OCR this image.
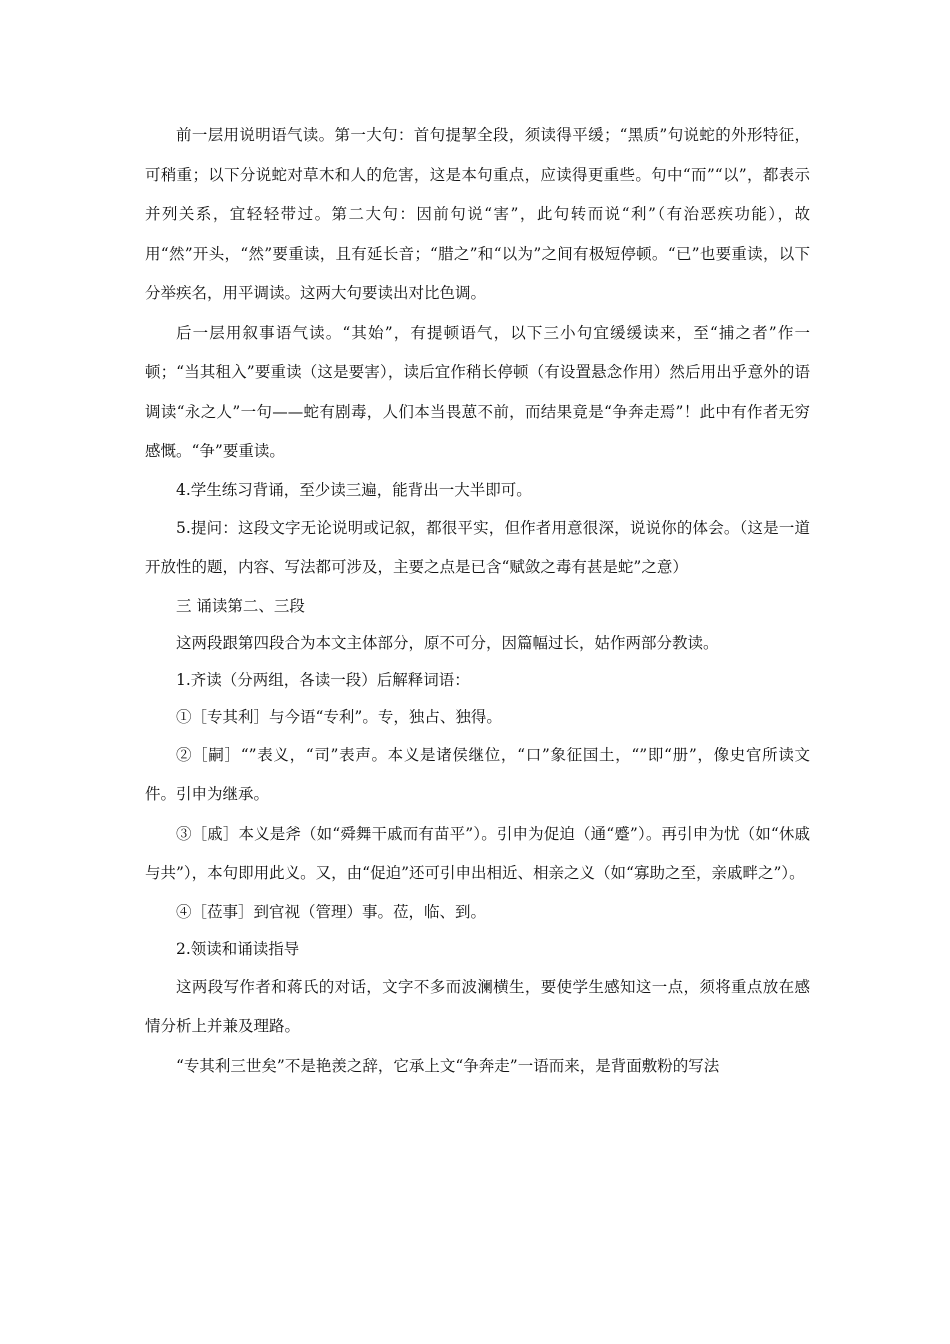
前一层用说明语气读。第一大句：首句提挈全段，须读得平缓；“黑质”句说蛇的外形特征，可稍重；以下分说蛇对草木和人的危害，这是本句重点，应读得更重些。句中“而”“以”，都表示并列关系，宜轻轻带过。第二大句：因前句说“害”，此句转而说“利”（有治恶疾功能），故用“然”开头，“然”要重读，且有延长音；“腊之”和“以为”之间有极短停顿。“已”也要重读，以下分举疾名，用平调读。这两大句要读出对比色调。

后一层用叙事语气读。“其始”，有提顿语气，以下三小句宜缓缓读来，至“捕之者”作一顿；“当其租入”要重读（这是要害），读后宜作稍长停顿（有设置悬念作用）然后用出乎意外的语调读“永之人”一句——蛇有剧毒，人们本当畏葸不前，而结果竟是“争奔走焉”！此中有作者无穷感慨。“争”要重读。

4.学生练习背诵，至少读三遍，能背出一大半即可。

5.提问：这段文字无论说明或记叙，都很平实，但作者用意很深，说说你的体会。（这是一道开放性的题，内容、写法都可涉及，主要之点是已含“赋敛之毒有甚是蛇”之意）

三 诵读第二、三段

这两段跟第四段合为本文主体部分，原不可分，因篇幅过长，姑作两部分教读。

1.齐读（分两组，各读一段）后解释词语：

①［专其利］与今语“专利”。专，独占、独得。

②［嗣］“”表义，“司”表声。本义是诸侯继位，“口”象征国土，“”即“册”，像史官所读文件。引申为继承。

③［戚］本义是斧（如“舜舞干戚而有苗平”）。引申为促迫（通“蹙”）。再引申为忧（如“休戚与共”），本句即用此义。又，由“促迫”还可引申出相近、相亲之义（如“寡助之至，亲戚畔之”）。

④［莅事］到官视（管理）事。莅，临、到。

2.领读和诵读指导

这两段写作者和蒋氏的对话，文字不多而波澜横生，要使学生感知这一点，须将重点放在感情分析上并兼及理路。

“专其利三世矣”不是艳羡之辞，它承上文“争奔走”一语而来，是背面敷粉的写法
